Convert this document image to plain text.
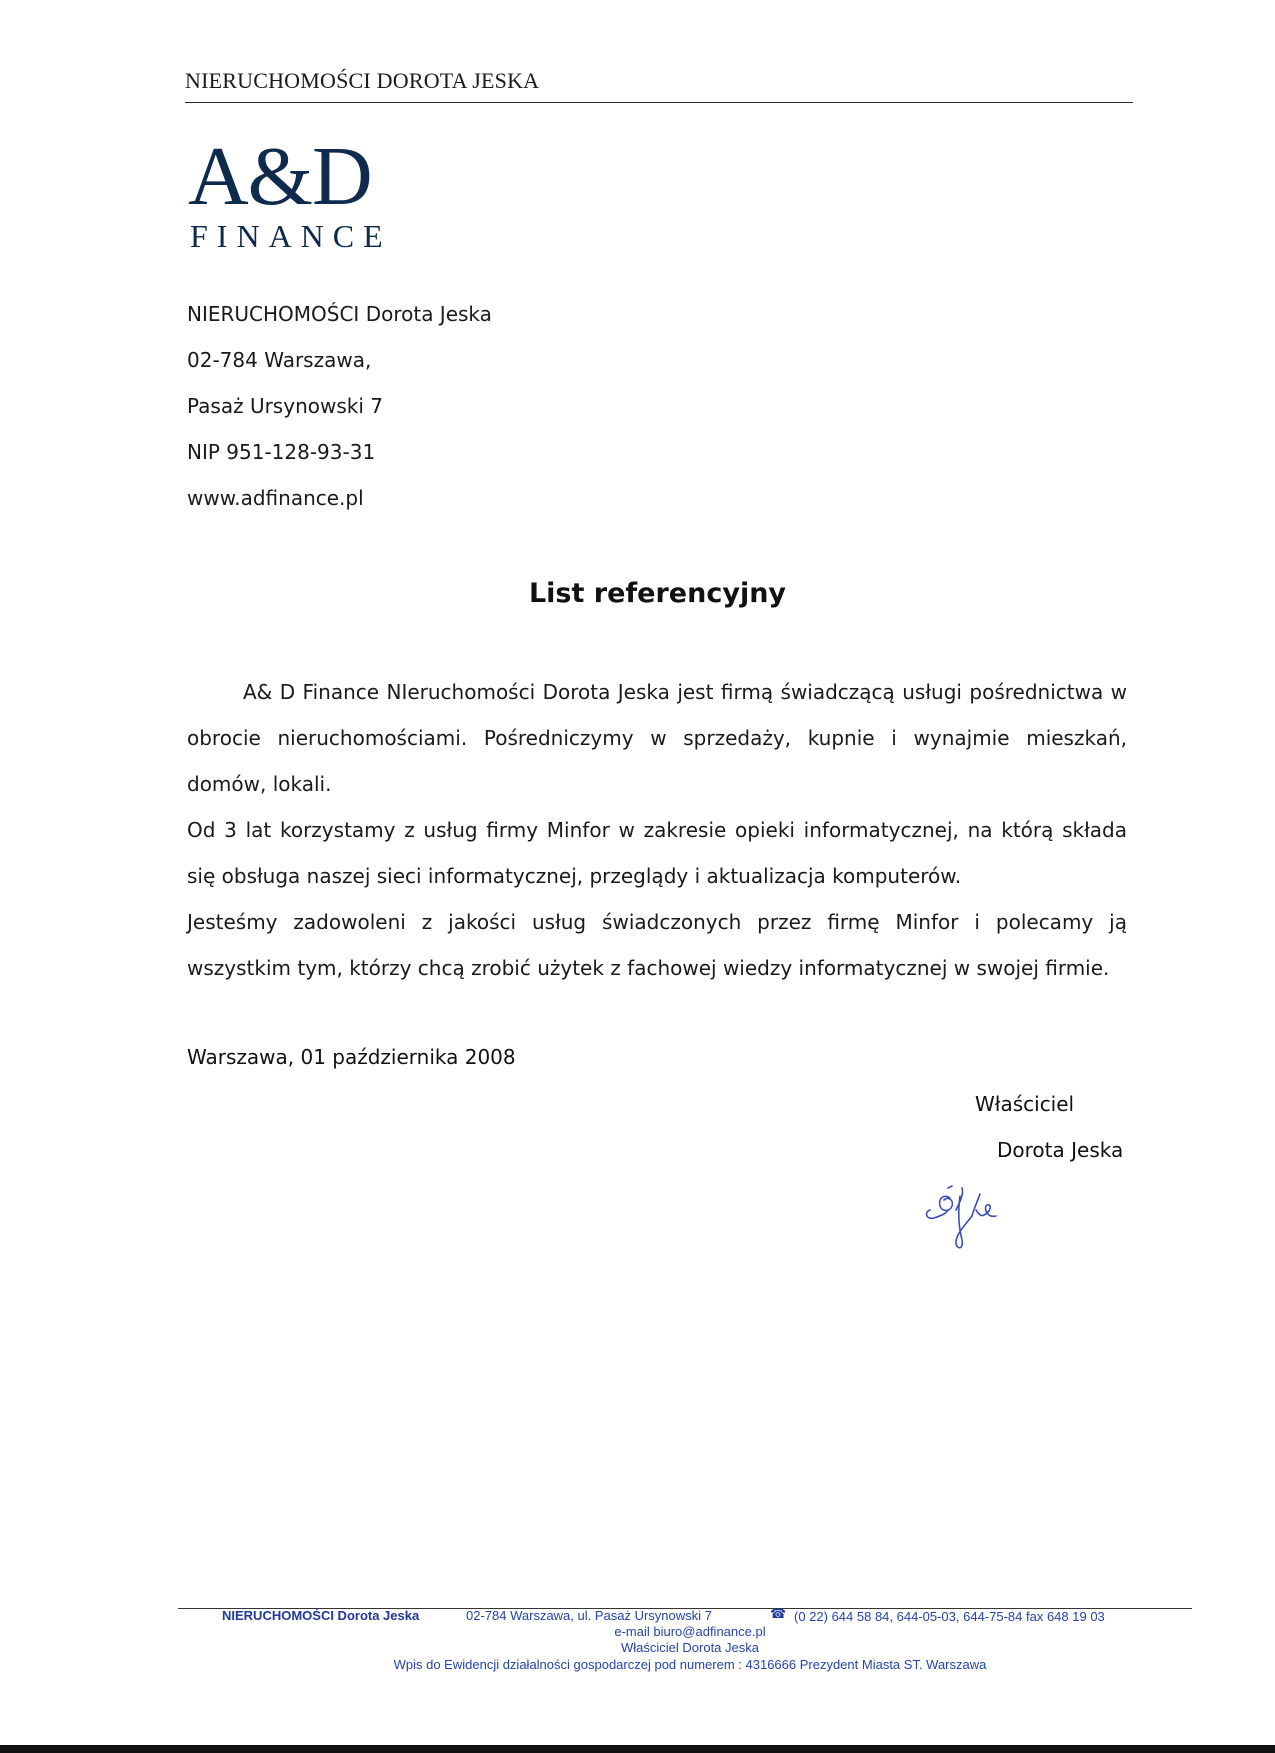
NIERUCHOMOŚCI DOROTA JESKA
A&D
FINANCE
NIERUCHOMOŚCI Dorota Jeska
02-784 Warszawa,
Pasaż Ursynowski 7
NIP 951-128-93-31
www.adfinance.pl
List referencyjny
A& D Finance NIeruchomości Dorota Jeska jest firmą świadczącą usługi pośrednictwa w
obrocie nieruchomościami. Pośredniczymy w sprzedaży, kupnie i wynajmie mieszkań,
domów, lokali.
Od 3 lat korzystamy z usług firmy Minfor w zakresie opieki informatycznej, na którą składa
się obsługa naszej sieci informatycznej, przeglądy i aktualizacja komputerów.
Jesteśmy zadowoleni z jakości usług świadczonych przez firmę Minfor i polecamy ją
wszystkim tym, którzy chcą zrobić użytek z fachowej wiedzy informatycznej w swojej firmie.
Warszawa, 01 października 2008
Właściciel
Dorota Jeska
NIERUCHOMOŚCI Dorota Jeska	02-784 Warszawa, ul. Pasaż Ursynowski 7	☎ (0 22) 644 58 84, 644-05-03, 644-75-84 fax 648 19 03
e-mail biuro@adfinance.pl
Właściciel Dorota Jeska
Wpis do Ewidencji działalności gospodarczej pod numerem : 4316666 Prezydent Miasta ST. Warszawa
